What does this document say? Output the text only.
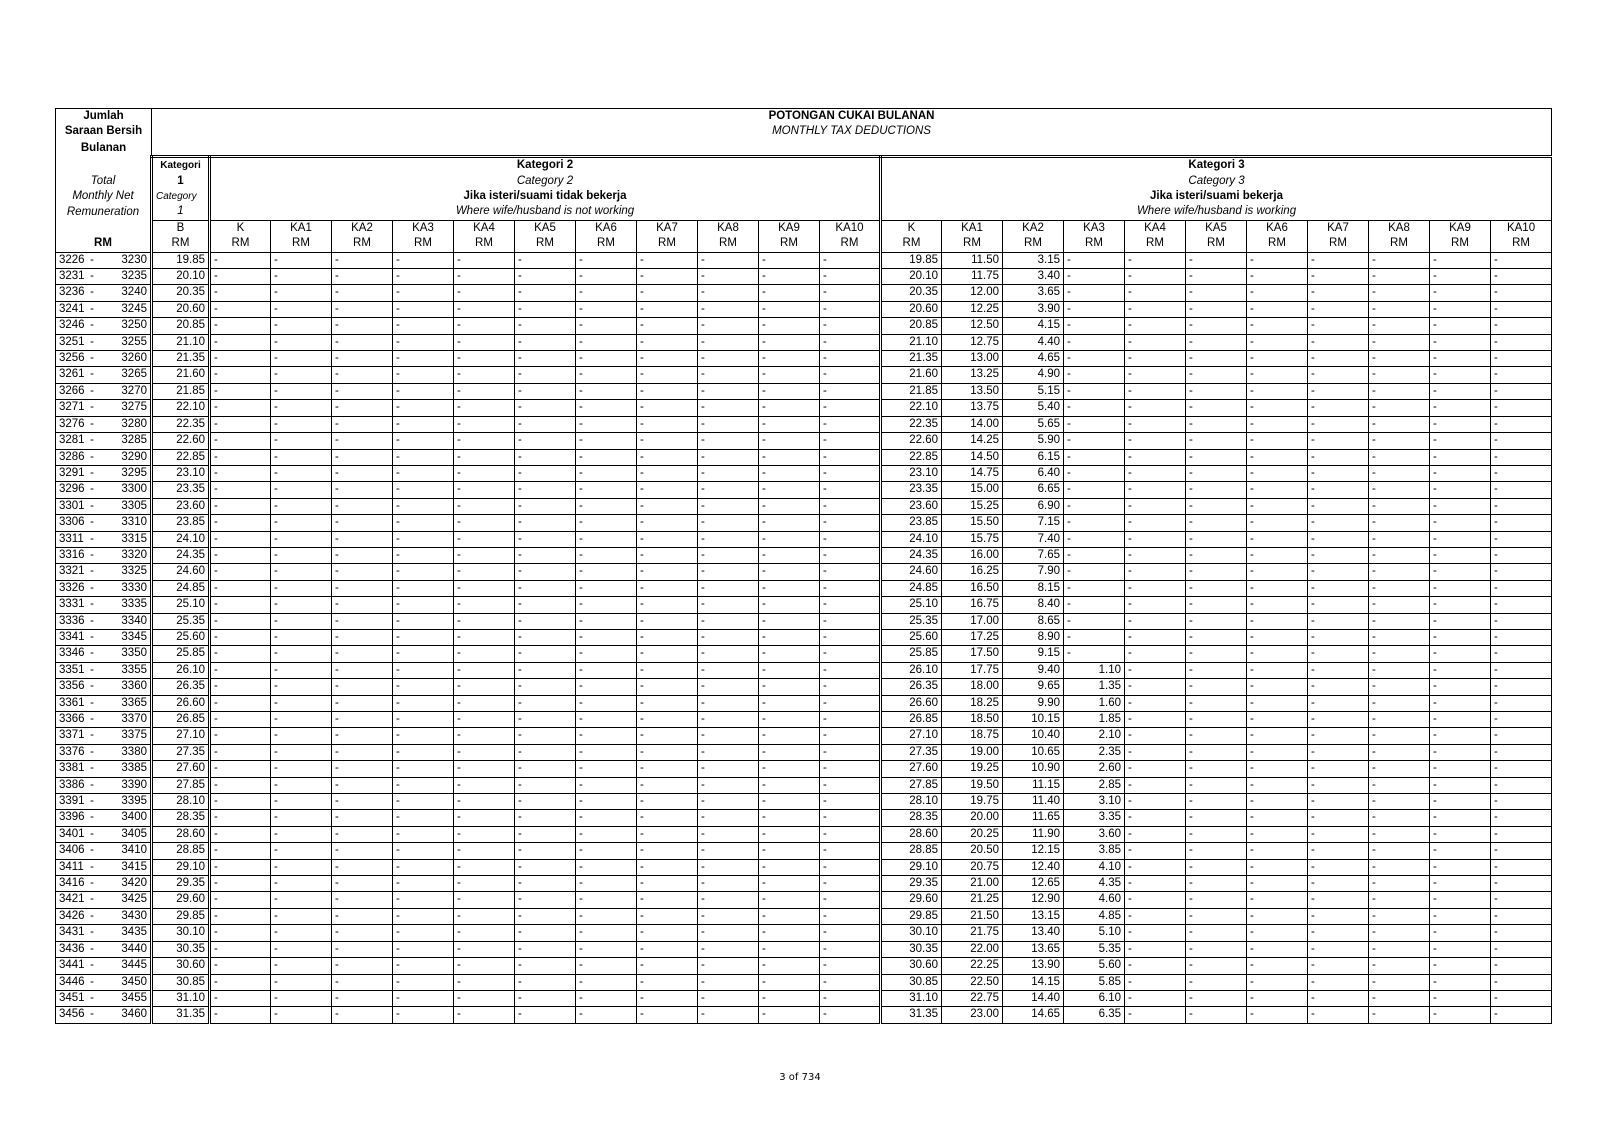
Jumlah	POTONGAN CUKAI BULANAN																						
Saraan Bersih	MONTHLY TAX DEDUCTIONS																						
Bulanan																							
	Kategori	Kategori 2											Kategori 3										
Total	1	Category 2											Category 3										
Monthly Net	Category	Jika isteri/suami tidak bekerja											Jika isteri/suami bekerja										
Remuneration	1	Where wife/husband is not working											Where wife/husband is working										
	B	K	KA1	KA2	KA3	KA4	KA5	KA6	KA7	KA8	KA9	KA10	K	KA1	KA2	KA3	KA4	KA5	KA6	KA7	KA8	KA9	KA10
RM	RM	RM	RM	RM	RM	RM	RM	RM	RM	RM	RM	RM	RM	RM	RM	RM	RM	RM	RM	RM	RM	RM	RM

3226 - 3230	19.85	-	-	-	-	-	-	-	-	-	-	-	19.85	11.50	3.15	-	-	-	-	-	-	-	-

3231 - 3235	20.10	-	-	-	-	-	-	-	-	-	-	-	20.10	11.75	3.40	-	-	-	-	-	-	-	-

3236 - 3240	20.35	-	-	-	-	-	-	-	-	-	-	-	20.35	12.00	3.65	-	-	-	-	-	-	-	-

3241 - 3245	20.60	-	-	-	-	-	-	-	-	-	-	-	20.60	12.25	3.90	-	-	-	-	-	-	-	-

3246 - 3250	20.85	-	-	-	-	-	-	-	-	-	-	-	20.85	12.50	4.15	-	-	-	-	-	-	-	-

3251 - 3255	21.10	-	-	-	-	-	-	-	-	-	-	-	21.10	12.75	4.40	-	-	-	-	-	-	-	-

3256 - 3260	21.35	-	-	-	-	-	-	-	-	-	-	-	21.35	13.00	4.65	-	-	-	-	-	-	-	-

3261 - 3265	21.60	-	-	-	-	-	-	-	-	-	-	-	21.60	13.25	4.90	-	-	-	-	-	-	-	-

3266 - 3270	21.85	-	-	-	-	-	-	-	-	-	-	-	21.85	13.50	5.15	-	-	-	-	-	-	-	-

3271 - 3275	22.10	-	-	-	-	-	-	-	-	-	-	-	22.10	13.75	5.40	-	-	-	-	-	-	-	-

3276 - 3280	22.35	-	-	-	-	-	-	-	-	-	-	-	22.35	14.00	5.65	-	-	-	-	-	-	-	-

3281 - 3285	22.60	-	-	-	-	-	-	-	-	-	-	-	22.60	14.25	5.90	-	-	-	-	-	-	-	-

3286 - 3290	22.85	-	-	-	-	-	-	-	-	-	-	-	22.85	14.50	6.15	-	-	-	-	-	-	-	-

3291 - 3295	23.10	-	-	-	-	-	-	-	-	-	-	-	23.10	14.75	6.40	-	-	-	-	-	-	-	-

3296 - 3300	23.35	-	-	-	-	-	-	-	-	-	-	-	23.35	15.00	6.65	-	-	-	-	-	-	-	-

3301 - 3305	23.60	-	-	-	-	-	-	-	-	-	-	-	23.60	15.25	6.90	-	-	-	-	-	-	-	-

3306 - 3310	23.85	-	-	-	-	-	-	-	-	-	-	-	23.85	15.50	7.15	-	-	-	-	-	-	-	-

3311 - 3315	24.10	-	-	-	-	-	-	-	-	-	-	-	24.10	15.75	7.40	-	-	-	-	-	-	-	-

3316 - 3320	24.35	-	-	-	-	-	-	-	-	-	-	-	24.35	16.00	7.65	-	-	-	-	-	-	-	-

3321 - 3325	24.60	-	-	-	-	-	-	-	-	-	-	-	24.60	16.25	7.90	-	-	-	-	-	-	-	-

3326 - 3330	24.85	-	-	-	-	-	-	-	-	-	-	-	24.85	16.50	8.15	-	-	-	-	-	-	-	-

3331 - 3335	25.10	-	-	-	-	-	-	-	-	-	-	-	25.10	16.75	8.40	-	-	-	-	-	-	-	-

3336 - 3340	25.35	-	-	-	-	-	-	-	-	-	-	-	25.35	17.00	8.65	-	-	-	-	-	-	-	-

3341 - 3345	25.60	-	-	-	-	-	-	-	-	-	-	-	25.60	17.25	8.90	-	-	-	-	-	-	-	-

3346 - 3350	25.85	-	-	-	-	-	-	-	-	-	-	-	25.85	17.50	9.15	-	-	-	-	-	-	-	-

3351 - 3355	26.10	-	-	-	-	-	-	-	-	-	-	-	26.10	17.75	9.40	1.10	-	-	-	-	-	-	-

3356 - 3360	26.35	-	-	-	-	-	-	-	-	-	-	-	26.35	18.00	9.65	1.35	-	-	-	-	-	-	-

3361 - 3365	26.60	-	-	-	-	-	-	-	-	-	-	-	26.60	18.25	9.90	1.60	-	-	-	-	-	-	-

3366 - 3370	26.85	-	-	-	-	-	-	-	-	-	-	-	26.85	18.50	10.15	1.85	-	-	-	-	-	-	-

3371 - 3375	27.10	-	-	-	-	-	-	-	-	-	-	-	27.10	18.75	10.40	2.10	-	-	-	-	-	-	-

3376 - 3380	27.35	-	-	-	-	-	-	-	-	-	-	-	27.35	19.00	10.65	2.35	-	-	-	-	-	-	-

3381 - 3385	27.60	-	-	-	-	-	-	-	-	-	-	-	27.60	19.25	10.90	2.60	-	-	-	-	-	-	-

3386 - 3390	27.85	-	-	-	-	-	-	-	-	-	-	-	27.85	19.50	11.15	2.85	-	-	-	-	-	-	-

3391 - 3395	28.10	-	-	-	-	-	-	-	-	-	-	-	28.10	19.75	11.40	3.10	-	-	-	-	-	-	-

3396 - 3400	28.35	-	-	-	-	-	-	-	-	-	-	-	28.35	20.00	11.65	3.35	-	-	-	-	-	-	-

3401 - 3405	28.60	-	-	-	-	-	-	-	-	-	-	-	28.60	20.25	11.90	3.60	-	-	-	-	-	-	-

3406 - 3410	28.85	-	-	-	-	-	-	-	-	-	-	-	28.85	20.50	12.15	3.85	-	-	-	-	-	-	-

3411 - 3415	29.10	-	-	-	-	-	-	-	-	-	-	-	29.10	20.75	12.40	4.10	-	-	-	-	-	-	-

3416 - 3420	29.35	-	-	-	-	-	-	-	-	-	-	-	29.35	21.00	12.65	4.35	-	-	-	-	-	-	-

3421 - 3425	29.60	-	-	-	-	-	-	-	-	-	-	-	29.60	21.25	12.90	4.60	-	-	-	-	-	-	-

3426 - 3430	29.85	-	-	-	-	-	-	-	-	-	-	-	29.85	21.50	13.15	4.85	-	-	-	-	-	-	-

3431 - 3435	30.10	-	-	-	-	-	-	-	-	-	-	-	30.10	21.75	13.40	5.10	-	-	-	-	-	-	-

3436 - 3440	30.35	-	-	-	-	-	-	-	-	-	-	-	30.35	22.00	13.65	5.35	-	-	-	-	-	-	-

3441 - 3445	30.60	-	-	-	-	-	-	-	-	-	-	-	30.60	22.25	13.90	5.60	-	-	-	-	-	-	-

3446 - 3450	30.85	-	-	-	-	-	-	-	-	-	-	-	30.85	22.50	14.15	5.85	-	-	-	-	-	-	-

3451 - 3455	31.10	-	-	-	-	-	-	-	-	-	-	-	31.10	22.75	14.40	6.10	-	-	-	-	-	-	-

3456 - 3460	31.35	-	-	-	-	-	-	-	-	-	-	-	31.35	23.00	14.65	6.35	-	-	-	-	-	-	-
3 of 734
